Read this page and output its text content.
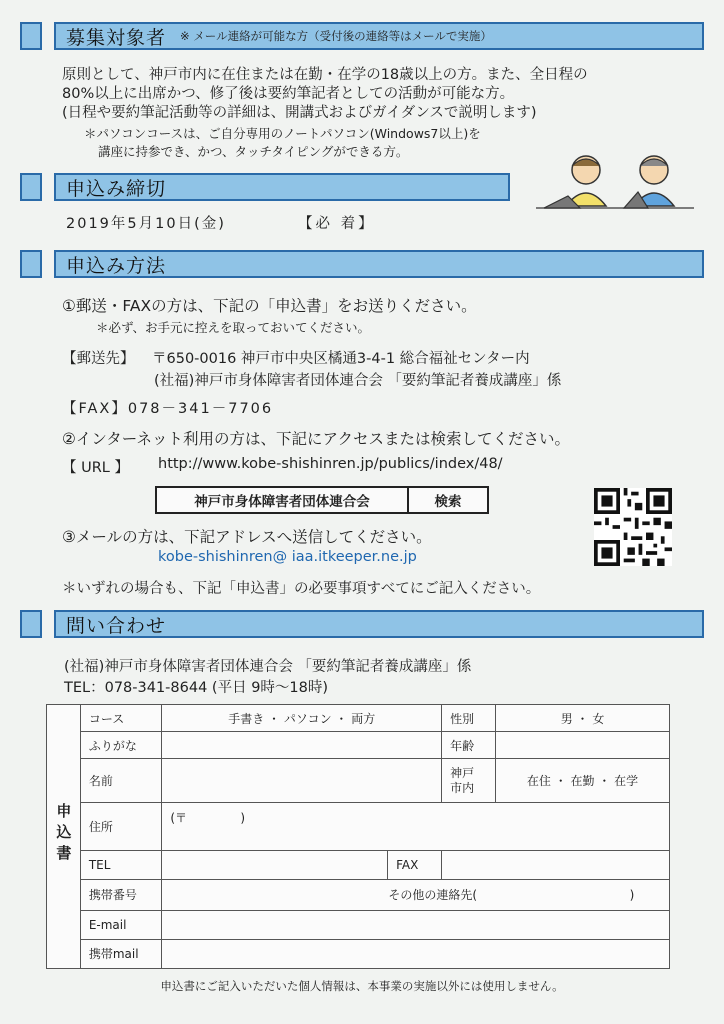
募集対象者 ※ メール連絡が可能な方（受付後の連絡等はメールで実施）
原則として、神戸市内に在住または在勤・在学の18歳以上の方。また、全日程の
80%以上に出席かつ、修了後は要約筆記者としての活動が可能な方。
(日程や要約筆記活動等の詳細は、開講式およびガイダンスで説明します)
＊パソコンコースは、ご自分専用のノートパソコン(Windows7以上)を
講座に持参でき、かつ、タッチタイピングができる方。
申込み締切
2019年5月10日(金)	【必 着】
申込み方法
①郵送・FAXの方は、下記の「申込書」をお送りください。
＊必ず、お手元に控えを取っておいてください。
【郵送先】 〒650-0016 神戸市中央区橘通3-4-1 総合福祉センター内
(社福)神戸市身体障害者団体連合会 「要約筆記者養成講座」係
【FAX】078－341－7706
②インターネット利用の方は、下記にアクセスまたは検索してください。
【 URL 】 http://www.kobe-shishinren.jp/publics/index/48/
神戸市身体障害者団体連合会	検索
③メールの方は、下記アドレスへ送信してください。
kobe-shishinren@ iaa.itkeeper.ne.jp
＊いずれの場合も、下記「申込書」の必要事項すべてにご記入ください。
問い合わせ
(社福)神戸市身体障害者団体連合会 「要約筆記者養成講座」係
TEL：078-341-8644 (平日 9時～18時)
申込書	コース	手書き ・ パソコン ・ 両方		性別	男 ・ 女
	ふりがな			年齢	
	名前			神戸市内	在住 ・ 在勤 ・ 在学
	住所	(〒              )			
	TEL		FAX		
	携帯番号	その他の連絡先(                                        )			
	E-mail				
	携帯mail				
申込書にご記入いただいた個人情報は、本事業の実施以外には使用しません。
